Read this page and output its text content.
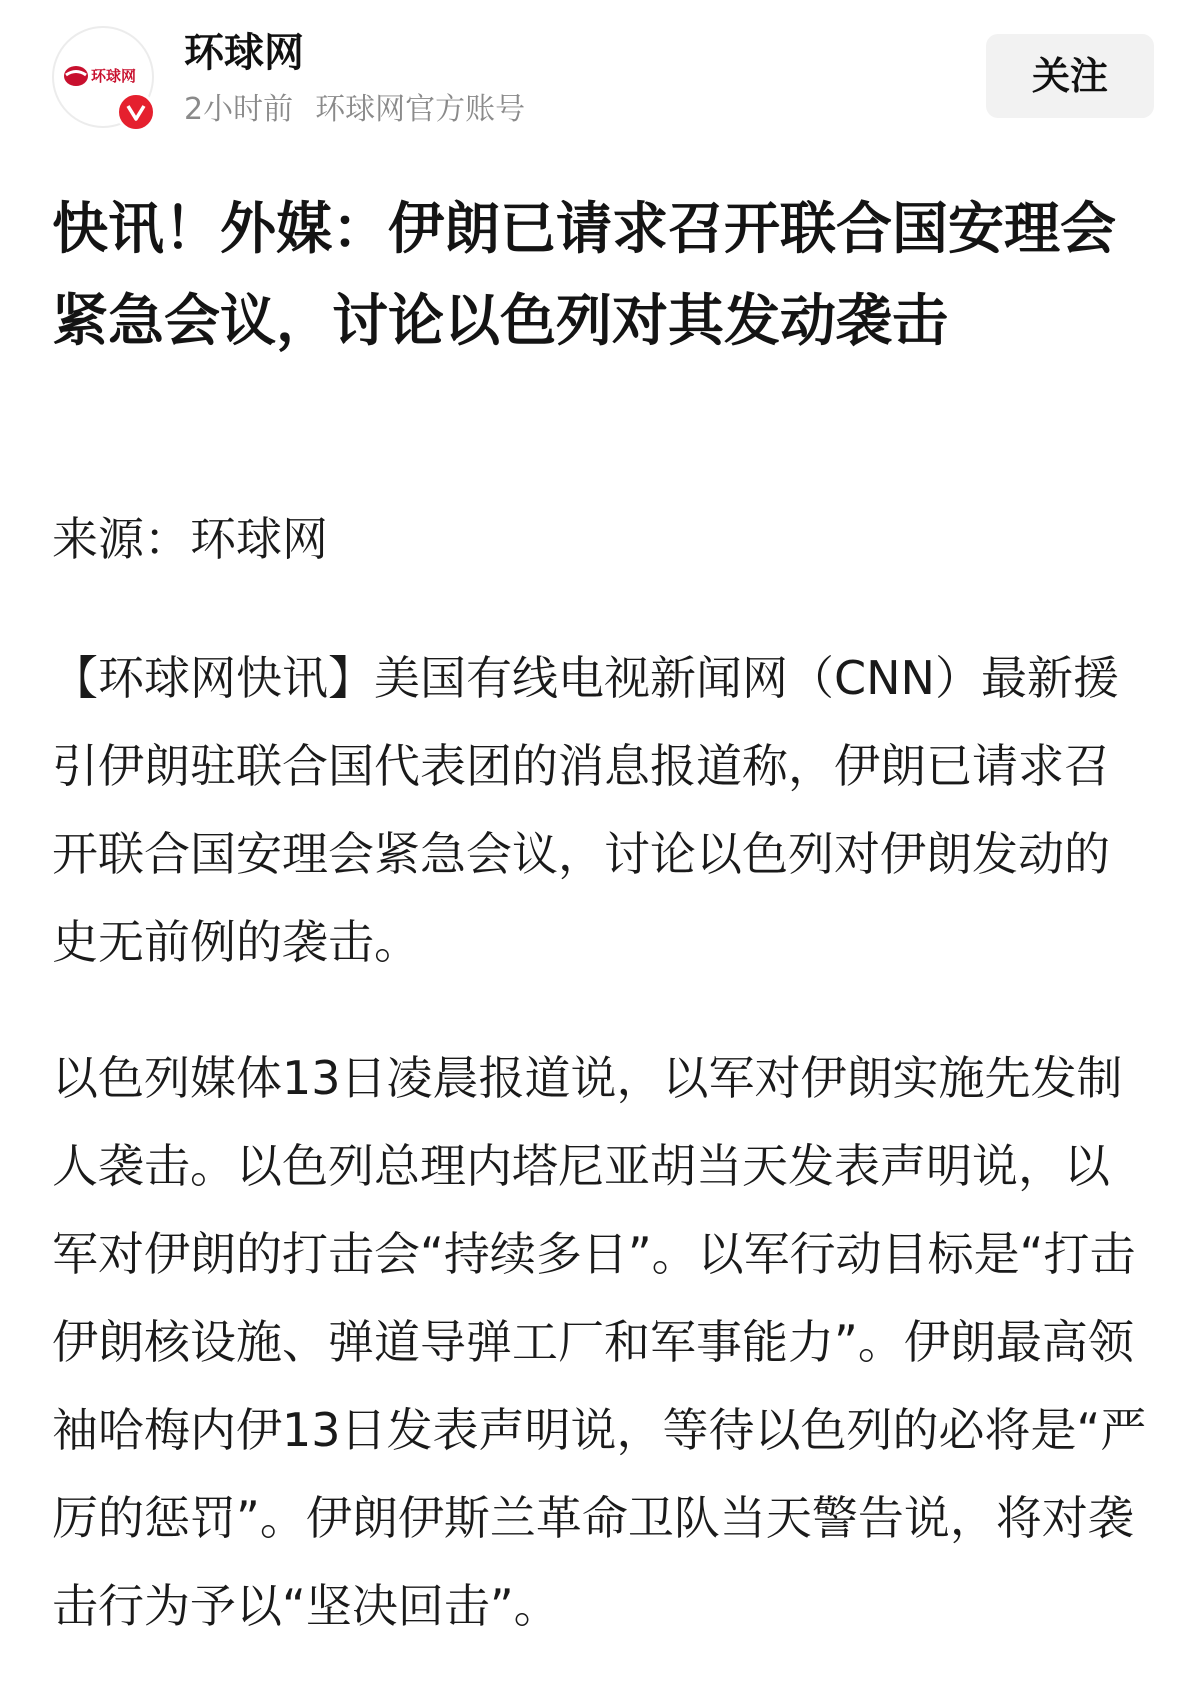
环球网 环球网
2小时前 环球网官方账号
关注
快讯！外媒：伊朗已请求召开联合国安理会紧急会议，讨论以色列对其发动袭击
来源：环球网

【环球网快讯】美国有线电视新闻网（CNN）最新援引伊朗驻联合国代表团的消息报道称，伊朗已请求召开联合国安理会紧急会议，讨论以色列对伊朗发动的史无前例的袭击。

以色列媒体13日凌晨报道说，以军对伊朗实施先发制人袭击。以色列总理内塔尼亚胡当天发表声明说，以军对伊朗的打击会“持续多日”。以军行动目标是“打击伊朗核设施、弹道导弹工厂和军事能力”。伊朗最高领袖哈梅内伊13日发表声明说，等待以色列的必将是“严厉的惩罚”。伊朗伊斯兰革命卫队当天警告说，将对袭击行为予以“坚决回击”。
